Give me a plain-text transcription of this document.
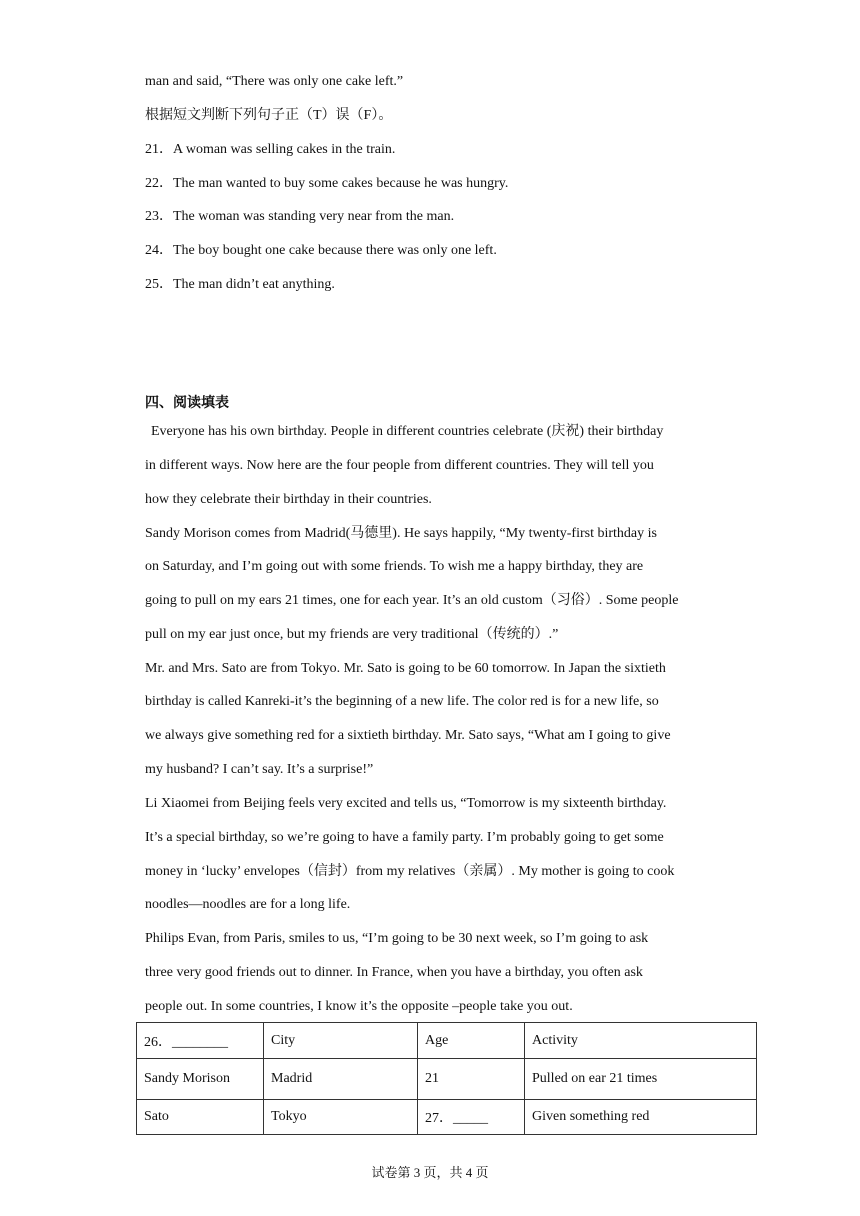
man and said, “There was only one cake left.”
根据短文判断下列句子正（T）误（F）。
21．A woman was selling cakes in the train.
22．The man wanted to buy some cakes because he was hungry.
23．The woman was standing very near from the man.
24．The boy bought one cake because there was only one left.
25．The man didn’t eat anything.
四、阅读填表
Everyone has his own birthday. People in different countries celebrate (庆祝) their birthday
in different ways. Now here are the four people from different countries. They will tell you
how they celebrate their birthday in their countries.
Sandy Morison comes from Madrid(马德里). He says happily, “My twenty-first birthday is
on Saturday, and I’m going out with some friends. To wish me a happy birthday, they are
going to pull on my ears 21 times, one for each year. It’s an old custom（习俗）. Some people
pull on my ear just once, but my friends are very traditional（传统的）.”
Mr. and Mrs. Sato are from Tokyo. Mr. Sato is going to be 60 tomorrow. In Japan the sixtieth
birthday is called Kanreki-it’s the beginning of a new life. The color red is for a new life, so
we always give something red for a sixtieth birthday. Mr. Sato says, “What am I going to give
my husband? I can’t say. It’s a surprise!”
Li Xiaomei from Beijing feels very excited and tells us, “Tomorrow is my sixteenth birthday.
It’s a special birthday, so we’re going to have a family party. I’m probably going to get some
money in ‘lucky’ envelopes（信封）from my relatives（亲属）. My mother is going to cook
noodles—noodles are for a long life.
Philips Evan, from Paris, smiles to us, “I’m going to be 30 next week, so I’m going to ask
three very good friends out to dinner. In France, when you have a birthday, you often ask
people out. In some countries, I know it’s the opposite –people take you out.
26．________	City	Age	Activity
Sandy Morison	Madrid	21	Pulled on ear 21 times
Sato	Tokyo	27．_____	Given something red
试卷第 3 页，共 4 页
